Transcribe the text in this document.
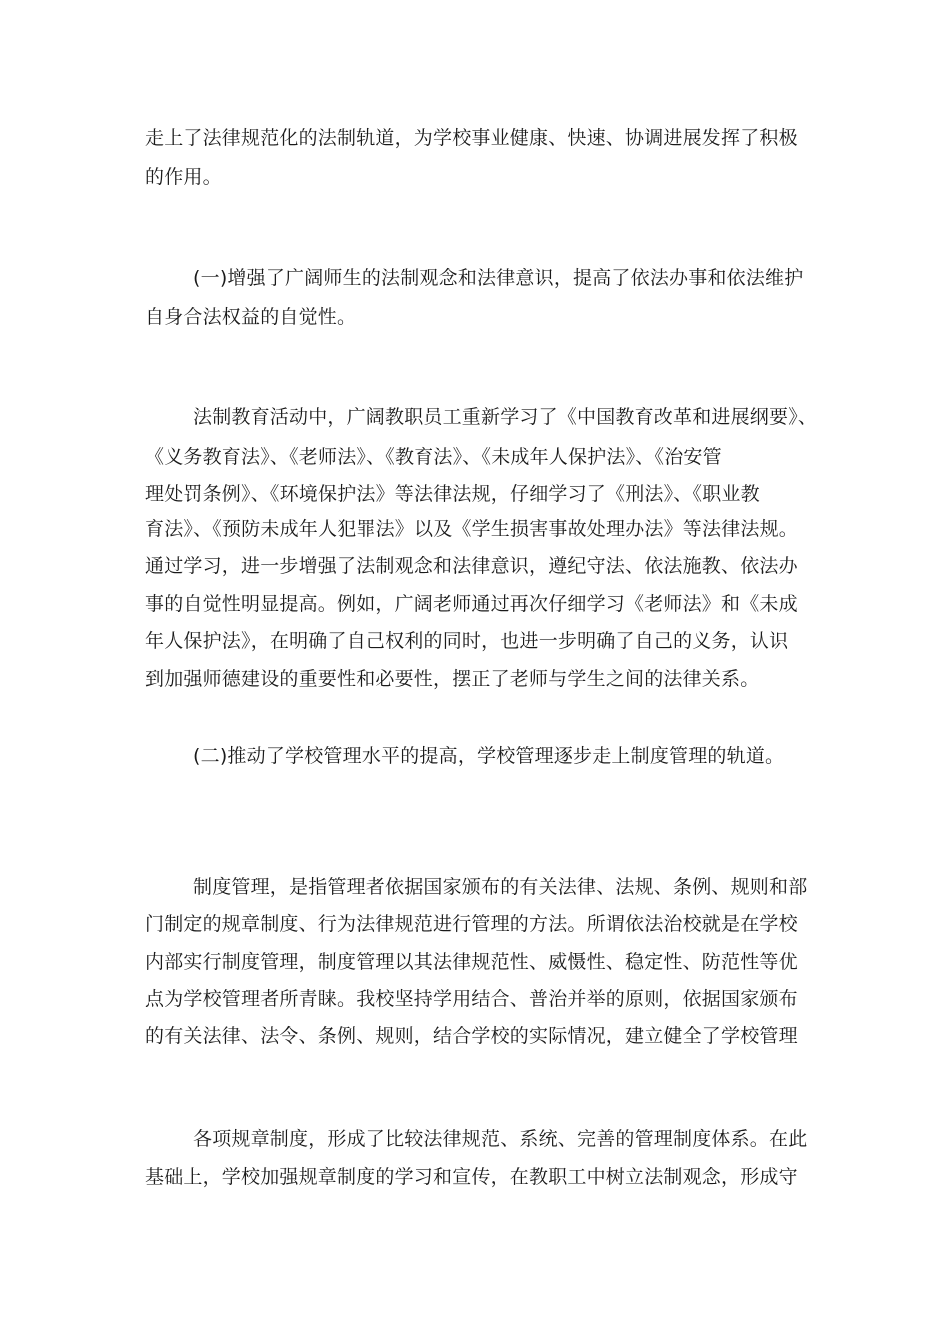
走上了法律规范化的法制轨道，为学校事业健康、快速、协调进展发挥了积极
的作用。
(一)增强了广阔师生的法制观念和法律意识，提高了依法办事和依法维护
自身合法权益的自觉性。
法制教育活动中，广阔教职员工重新学习了《中国教育改革和进展纲要》、
《义务教育法》、《老师法》、《教育法》、《未成年人保护法》、《治安管
理处罚条例》、《环境保护法》等法律法规，仔细学习了《刑法》、《职业教
育法》、《预防未成年人犯罪法》以及《学生损害事故处理办法》等法律法规。
通过学习，进一步增强了法制观念和法律意识，遵纪守法、依法施教、依法办
事的自觉性明显提高。例如，广阔老师通过再次仔细学习《老师法》和《未成
年人保护法》，在明确了自己权利的同时，也进一步明确了自己的义务，认识
到加强师德建设的重要性和必要性，摆正了老师与学生之间的法律关系。
(二)推动了学校管理水平的提高，学校管理逐步走上制度管理的轨道。
制度管理，是指管理者依据国家颁布的有关法律、法规、条例、规则和部
门制定的规章制度、行为法律规范进行管理的方法。所谓依法治校就是在学校
内部实行制度管理，制度管理以其法律规范性、威慑性、稳定性、防范性等优
点为学校管理者所青睐。我校坚持学用结合、普治并举的原则，依据国家颁布
的有关法律、法令、条例、规则，结合学校的实际情况，建立健全了学校管理
各项规章制度，形成了比较法律规范、系统、完善的管理制度体系。在此
基础上，学校加强规章制度的学习和宣传，在教职工中树立法制观念，形成守
